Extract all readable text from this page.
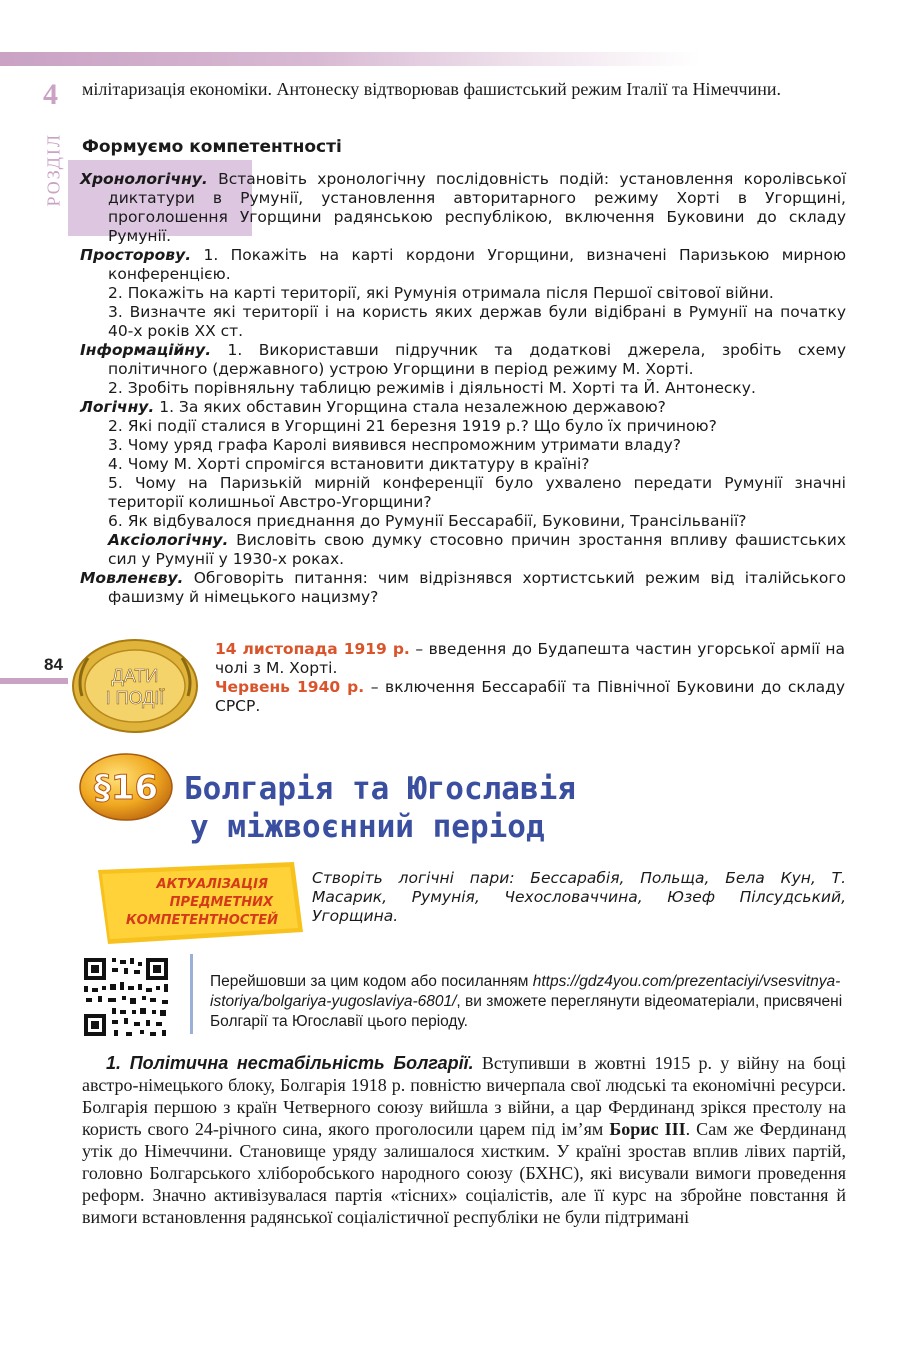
4
РОЗДІЛ
84
мілітаризація економіки. Антонеску відтворював фашистський режим Італії та Німеччини.
Формуємо компетентності
Хронологічну. Встановіть хронологічну послідовність подій: установлення королівської диктатури в Румунії, установлення авторитарного режиму Хорті в Угорщині, проголошення Угорщини радянською республікою, включення Буковини до складу Румунії.
Просторову. 1. Покажіть на карті кордони Угорщини, визначені Паризькою мирною конференцією.
2. Покажіть на карті території, які Румунія отримала після Першої світової війни.
3. Визначте які території і на користь яких держав були відібрані в Румунії на початку 40-х років XX ст.
Інформаційну. 1. Використавши підручник та додаткові джерела, зробіть схему політичного (державного) устрою Угорщини в період режиму М. Хорті.
2. Зробіть порівняльну таблицю режимів і діяльності М. Хорті та Й. Антонеску.
Логічну. 1. За яких обставин Угорщина стала незалежною державою?
2. Які події сталися в Угорщині 21 березня 1919 р.? Що було їх причиною?
3. Чому уряд графа Каролі виявився неспроможним утримати владу?
4. Чому М. Хорті спромігся встановити диктатуру в країні?
5. Чому на Паризькій мирній конференції було ухвалено передати Румунії значні території колишньої Австро-Угорщини?
6. Як відбувалося приєднання до Румунії Бессарабії, Буковини, Трансільванії?
Аксіологічну. Висловіть свою думку стосовно причин зростання впливу фашистських сил у Румунії у 1930-х роках.
Мовленєву. Обговоріть питання: чим відрізнявся хортистський режим від італійського фашизму й німецького нацизму?
ДАТИ
І ПОДІЇ
14 листопада 1919 р. – введення до Будапешта частин угорської армії на чолі з М. Хорті.
Червень 1940 р. – включення Бессарабії та Північної Буковини до складу СРСР.
§16 Болгарія та Югославія
у міжвоєнний період
АКТУАЛІЗАЦІЯ
ПРЕДМЕТНИХ
КОМПЕТЕНТНОСТЕЙ
Створіть логічні пари: Бессарабія, Польща, Бела Кун, Т. Масарик, Румунія, Чехословаччина, Юзеф Пілсудський, Угорщина.
Перейшовши за цим кодом або посиланням https://gdz4you.com/prezentaciyi/vsesvitnya-istoriya/bolgariya-yugoslaviya-6801/, ви зможете переглянути відеоматеріали, присвячені Болгарії та Югославії цього періоду.

1. Політична нестабільність Болгарії. Вступивши в жовтні 1915 р. у війну на боці австро-німецького блоку, Болгарія 1918 р. повністю вичерпала свої людські та економічні ресурси. Болгарія першою з країн Четверного союзу вийшла з війни, а цар Фердинанд зрікся престолу на користь свого 24-річного сина, якого проголосили царем під ім’ям Борис III. Сам же Фердинанд утік до Німеччини. Становище уряду залишалося хистким. У країні зростав вплив лівих партій, головно Болгарського хліборобського народного союзу (БХНС), які висували вимоги проведення реформ. Значно активізувалася партія «тісних» соціалістів, але її курс на збройне повстання й вимоги встановлення радянської соціалістичної республіки не були підтримані
